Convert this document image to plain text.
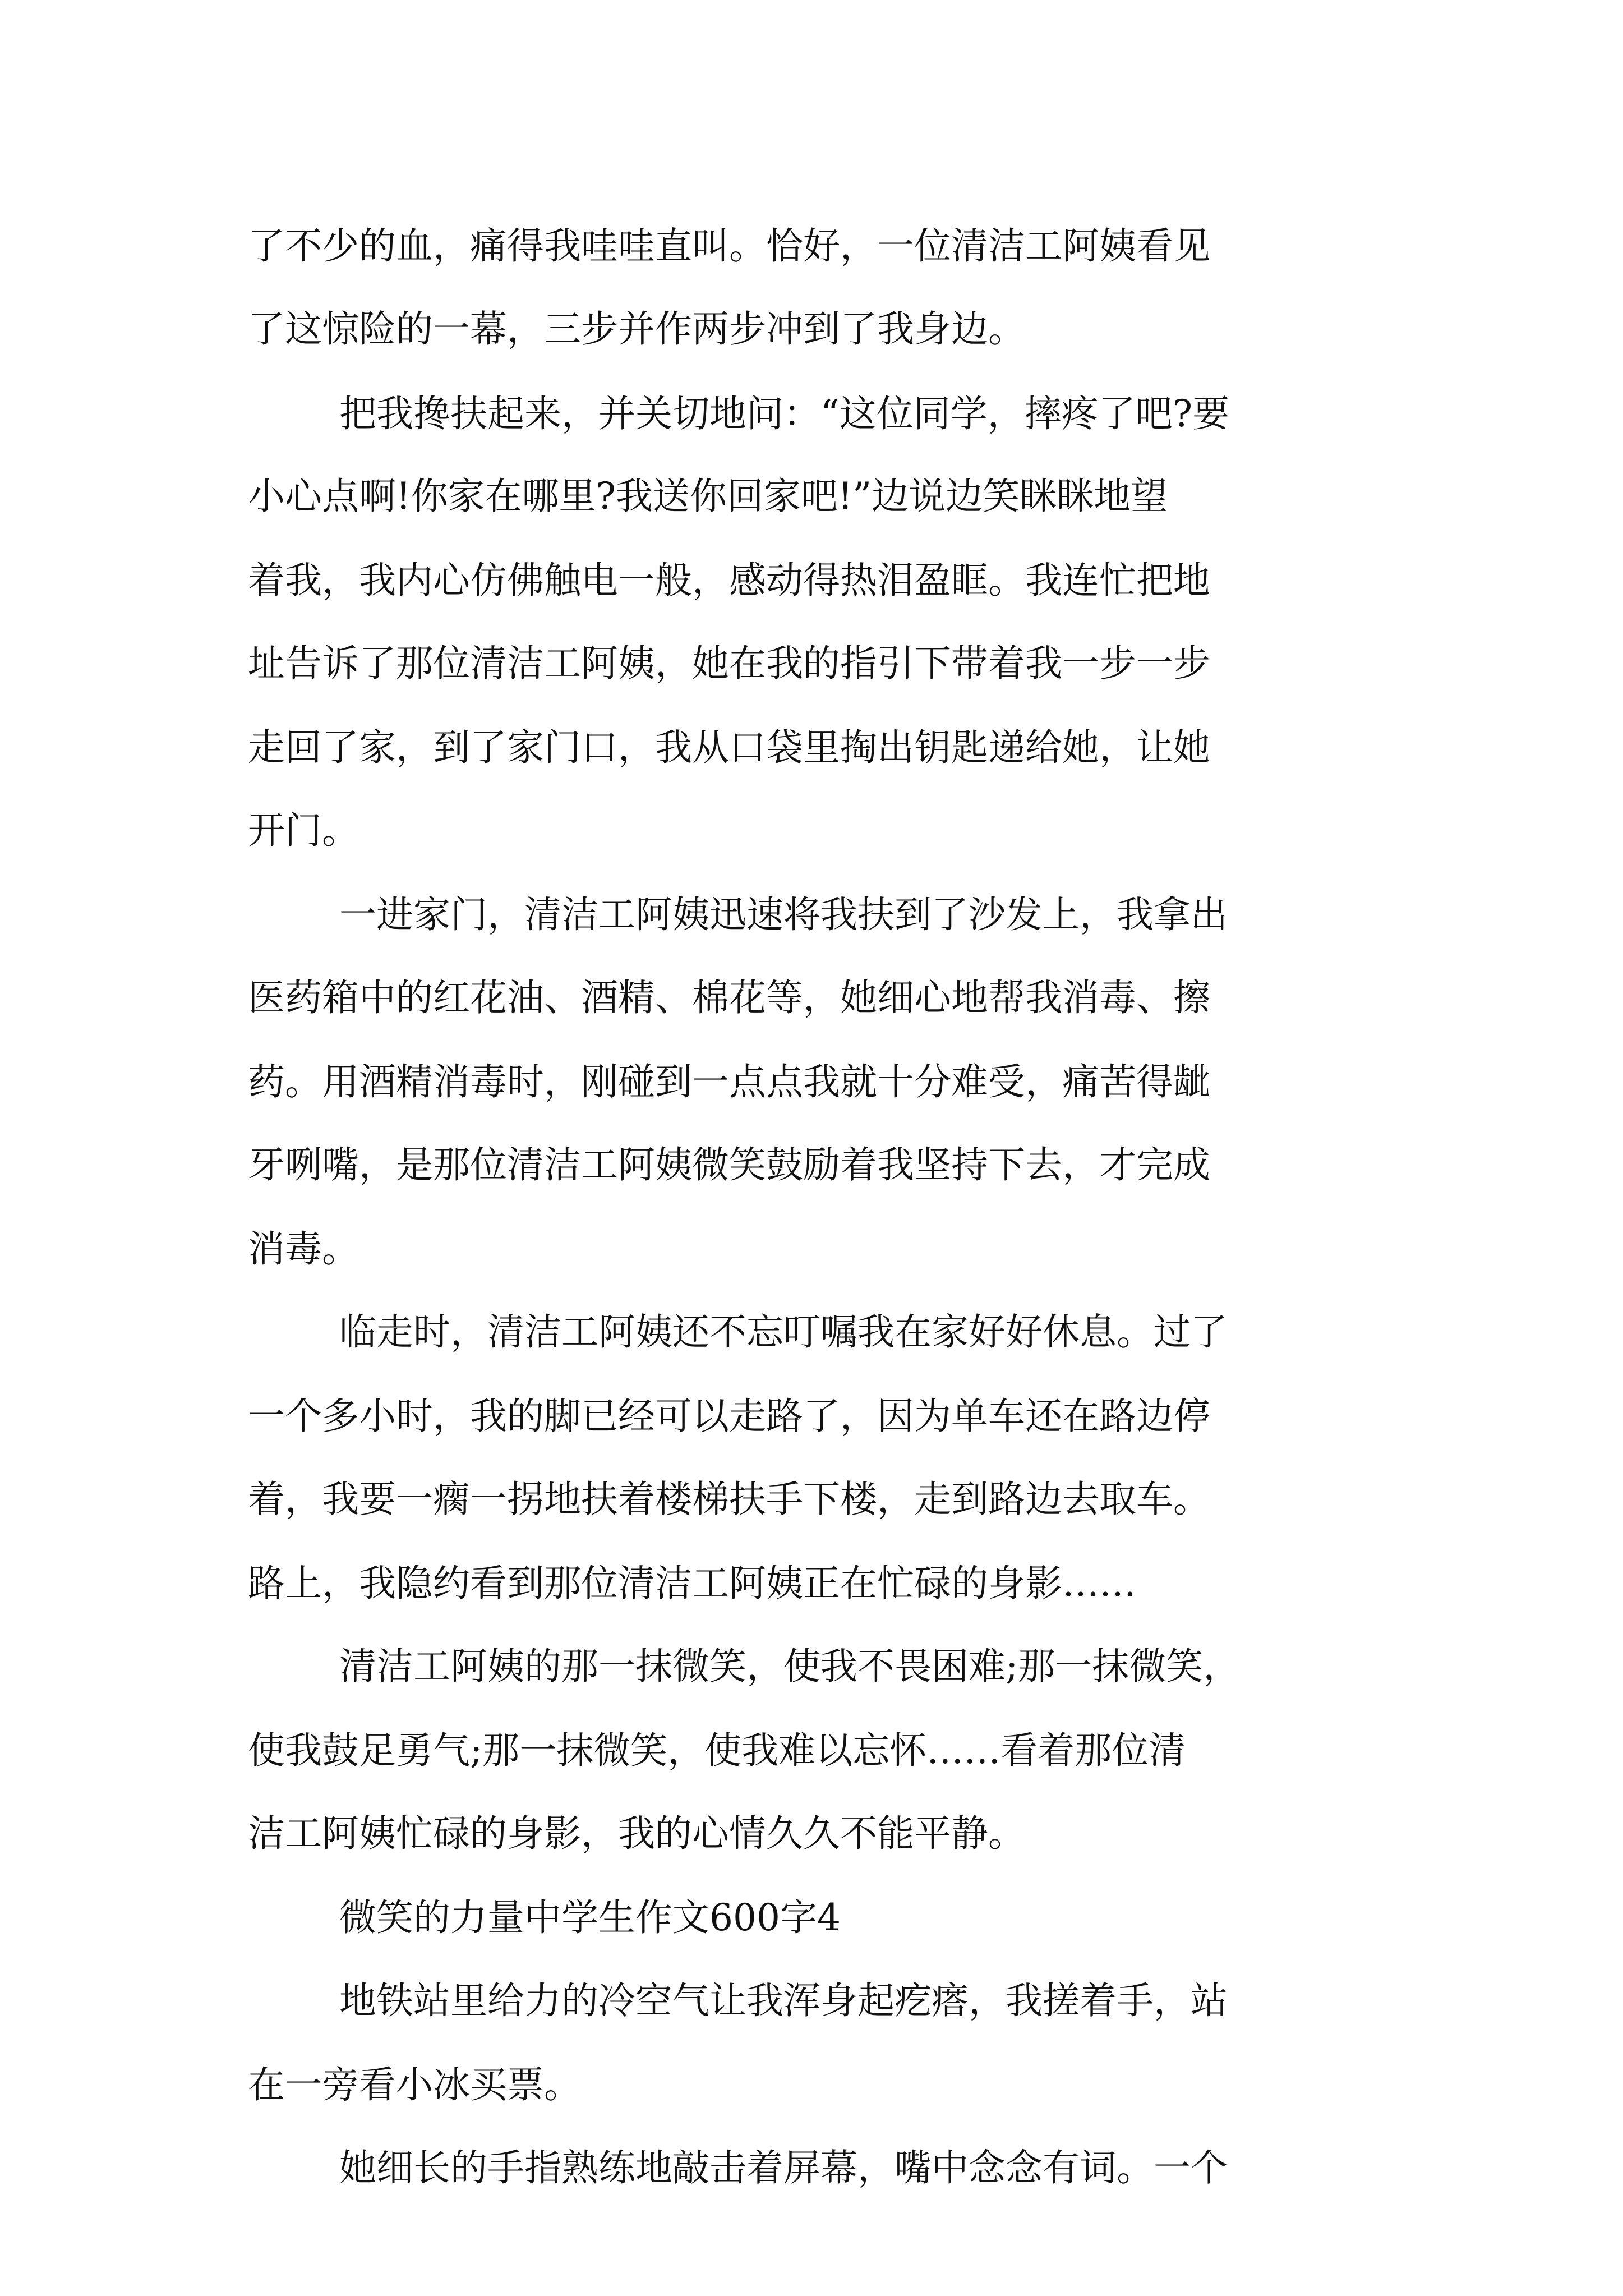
了不少的血，痛得我哇哇直叫。恰好，一位清洁工阿姨看见
了这惊险的一幕，三步并作两步冲到了我身边。
把我搀扶起来，并关切地问：“这位同学，摔疼了吧?要
小心点啊!你家在哪里?我送你回家吧!”边说边笑眯眯地望
着我，我内心仿佛触电一般，感动得热泪盈眶。我连忙把地
址告诉了那位清洁工阿姨，她在我的指引下带着我一步一步
走回了家，到了家门口，我从口袋里掏出钥匙递给她，让她
开门。
一进家门，清洁工阿姨迅速将我扶到了沙发上，我拿出
医药箱中的红花油、酒精、棉花等，她细心地帮我消毒、擦
药。用酒精消毒时，刚碰到一点点我就十分难受，痛苦得龇
牙咧嘴，是那位清洁工阿姨微笑鼓励着我坚持下去，才完成
消毒。
临走时，清洁工阿姨还不忘叮嘱我在家好好休息。过了
一个多小时，我的脚已经可以走路了，因为单车还在路边停
着，我要一瘸一拐地扶着楼梯扶手下楼，走到路边去取车。
路上，我隐约看到那位清洁工阿姨正在忙碌的身影……
清洁工阿姨的那一抹微笑，使我不畏困难;那一抹微笑，
使我鼓足勇气;那一抹微笑，使我难以忘怀……看着那位清
洁工阿姨忙碌的身影，我的心情久久不能平静。
微笑的力量中学生作文600字4
地铁站里给力的冷空气让我浑身起疙瘩，我搓着手，站
在一旁看小冰买票。
她细长的手指熟练地敲击着屏幕，嘴中念念有词。一个
